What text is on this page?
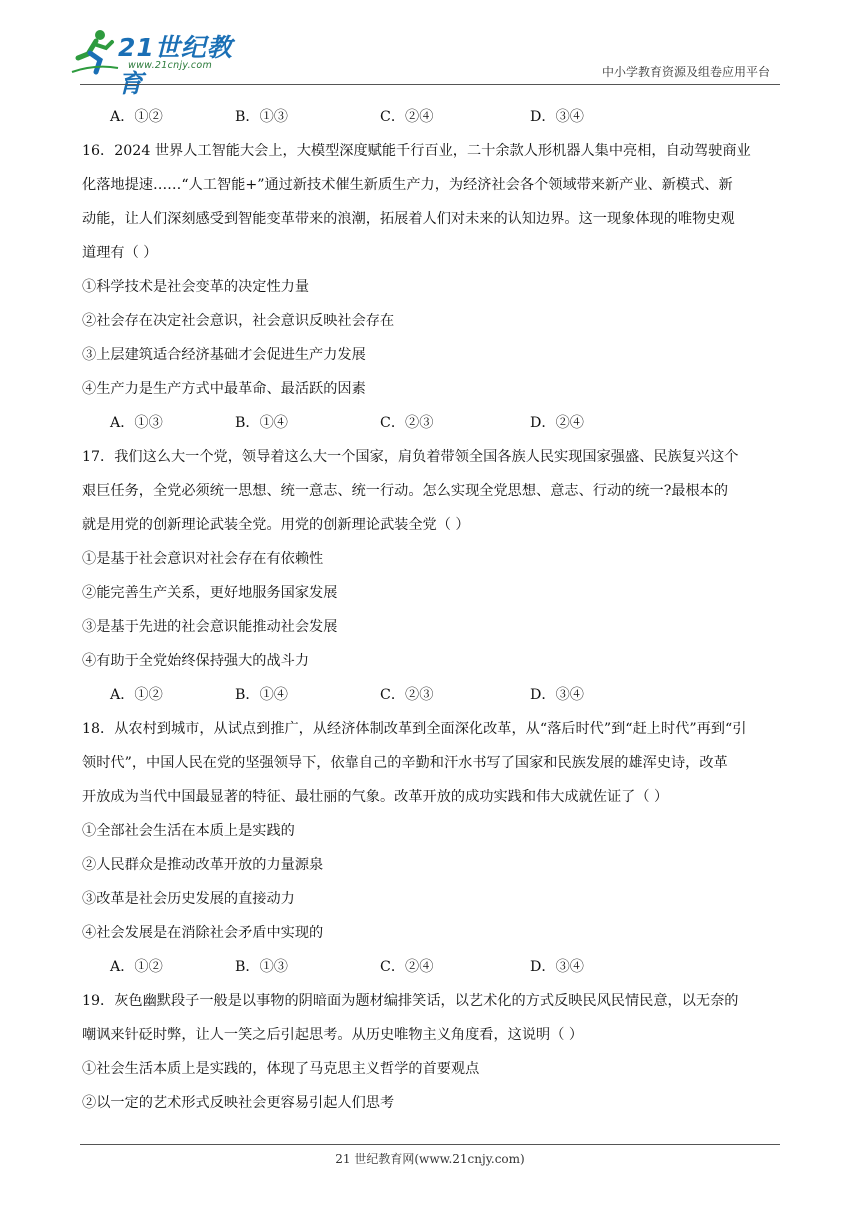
21世纪教育
www.21cnjy.com	中小学教育资源及组卷应用平台
A．①②	B．①③	C．②④	D．③④
16．2024 世界人工智能大会上，大模型深度赋能千行百业，二十余款人形机器人集中亮相，自动驾驶商业
化落地提速……“人工智能+”通过新技术催生新质生产力，为经济社会各个领域带来新产业、新模式、新
动能，让人们深刻感受到智能变革带来的浪潮，拓展着人们对未来的认知边界。这一现象体现的唯物史观
道理有（ ）
①科学技术是社会变革的决定性力量
②社会存在决定社会意识，社会意识反映社会存在
③上层建筑适合经济基础才会促进生产力发展
④生产力是生产方式中最革命、最活跃的因素
A．①③	B．①④	C．②③	D．②④
17．我们这么大一个党，领导着这么大一个国家，肩负着带领全国各族人民实现国家强盛、民族复兴这个
艰巨任务，全党必须统一思想、统一意志、统一行动。怎么实现全党思想、意志、行动的统一?最根本的
就是用党的创新理论武装全党。用党的创新理论武装全党（ ）
①是基于社会意识对社会存在有依赖性
②能完善生产关系，更好地服务国家发展
③是基于先进的社会意识能推动社会发展
④有助于全党始终保持强大的战斗力
A．①②	B．①④	C．②③	D．③④
18．从农村到城市，从试点到推广，从经济体制改革到全面深化改革，从“落后时代”到“赶上时代”再到“引
领时代”，中国人民在党的坚强领导下，依靠自己的辛勤和汗水书写了国家和民族发展的雄浑史诗，改革
开放成为当代中国最显著的特征、最壮丽的气象。改革开放的成功实践和伟大成就佐证了（ ）
①全部社会生活在本质上是实践的
②人民群众是推动改革开放的力量源泉
③改革是社会历史发展的直接动力
④社会发展是在消除社会矛盾中实现的
A．①②	B．①③	C．②④	D．③④
19．灰色幽默段子一般是以事物的阴暗面为题材编排笑话，以艺术化的方式反映民风民情民意，以无奈的
嘲讽来针砭时弊，让人一笑之后引起思考。从历史唯物主义角度看，这说明（ ）
①社会生活本质上是实践的，体现了马克思主义哲学的首要观点
②以一定的艺术形式反映社会更容易引起人们思考
21 世纪教育网(www.21cnjy.com)
